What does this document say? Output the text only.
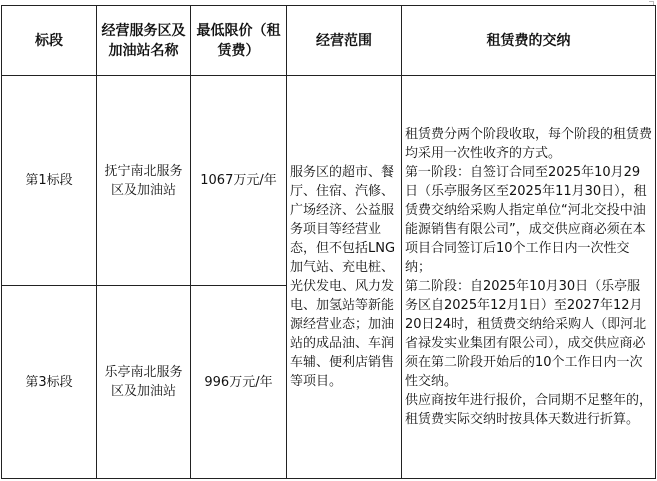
标段	经营服务区及加油站名称	最低限价（租赁费）	经营范围	租赁费的交纳
第1标段	抚宁南北服务区及加油站	1067万元/年	服务区的超市、餐厅、住宿、汽修、广场经济、公益服务项目等经营业态，但不包括LNG加气站、充电桩、光伏发电、风力发电、加氢站等新能源经营业态；加油站的成品油、车润车辅、便利店销售等项目。	租赁费分两个阶段收取，每个阶段的租赁费均采用一次性收齐的方式。

第一阶段：自签订合同至2025年10月29日（乐亭服务区至2025年11月30日），租赁费交纳给采购人指定单位“河北交投中油能源销售有限公司”，成交供应商必须在本项目合同签订后10个工作日内一次性交纳；

第二阶段：自2025年10月30日（乐亭服务区自2025年12月1日）至2027年12月20日24时，租赁费交纳给采购人（即河北省禄发实业集团有限公司），成交供应商必须在第二阶段开始后的10个工作日内一次性交纳。

供应商按年进行报价，合同期不足整年的，租赁费实际交纳时按具体天数进行折算。

第3标段	乐亭南北服务区及加油站	996万元/年		
